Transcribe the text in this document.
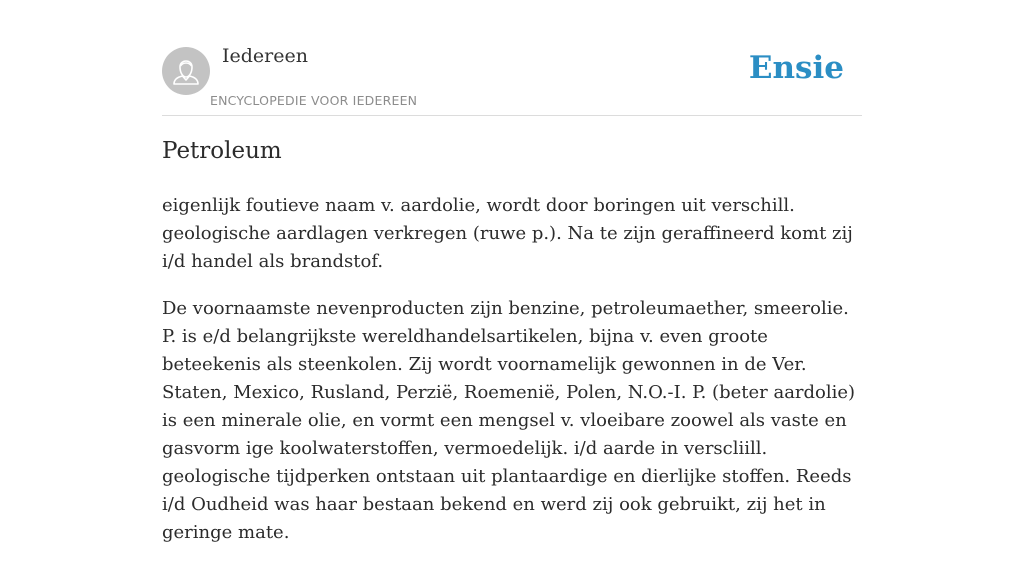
Iedereen

ENCYCLOPEDIE VOOR IEDEREEN

Ensie
Petroleum

eigenlijk foutieve naam v. aardolie, wordt door boringen uit verschill. geologische aardlagen verkregen (ruwe p.). Na te zijn geraffineerd komt zij i/d handel als brandstof.

De voornaamste nevenproducten zijn benzine, petroleumaether, smeerolie. P. is e/d belangrijkste wereldhandelsartikelen, bijna v. even groote beteekenis als steenkolen. Zij wordt voornamelijk gewonnen in de Ver. Staten, Mexico, Rusland, Perzië, Roemenië, Polen, N.O.-I. P. (beter aardolie) is een minerale olie, en vormt een mengsel v. vloeibare zoowel als vaste en gasvorm ige koolwaterstoffen, vermoedelijk. i/d aarde in verscliill. geologische tijdperken ontstaan uit plantaardige en dierlijke stoffen. Reeds i/d Oudheid was haar bestaan bekend en werd zij ook gebruikt, zij het in geringe mate.
